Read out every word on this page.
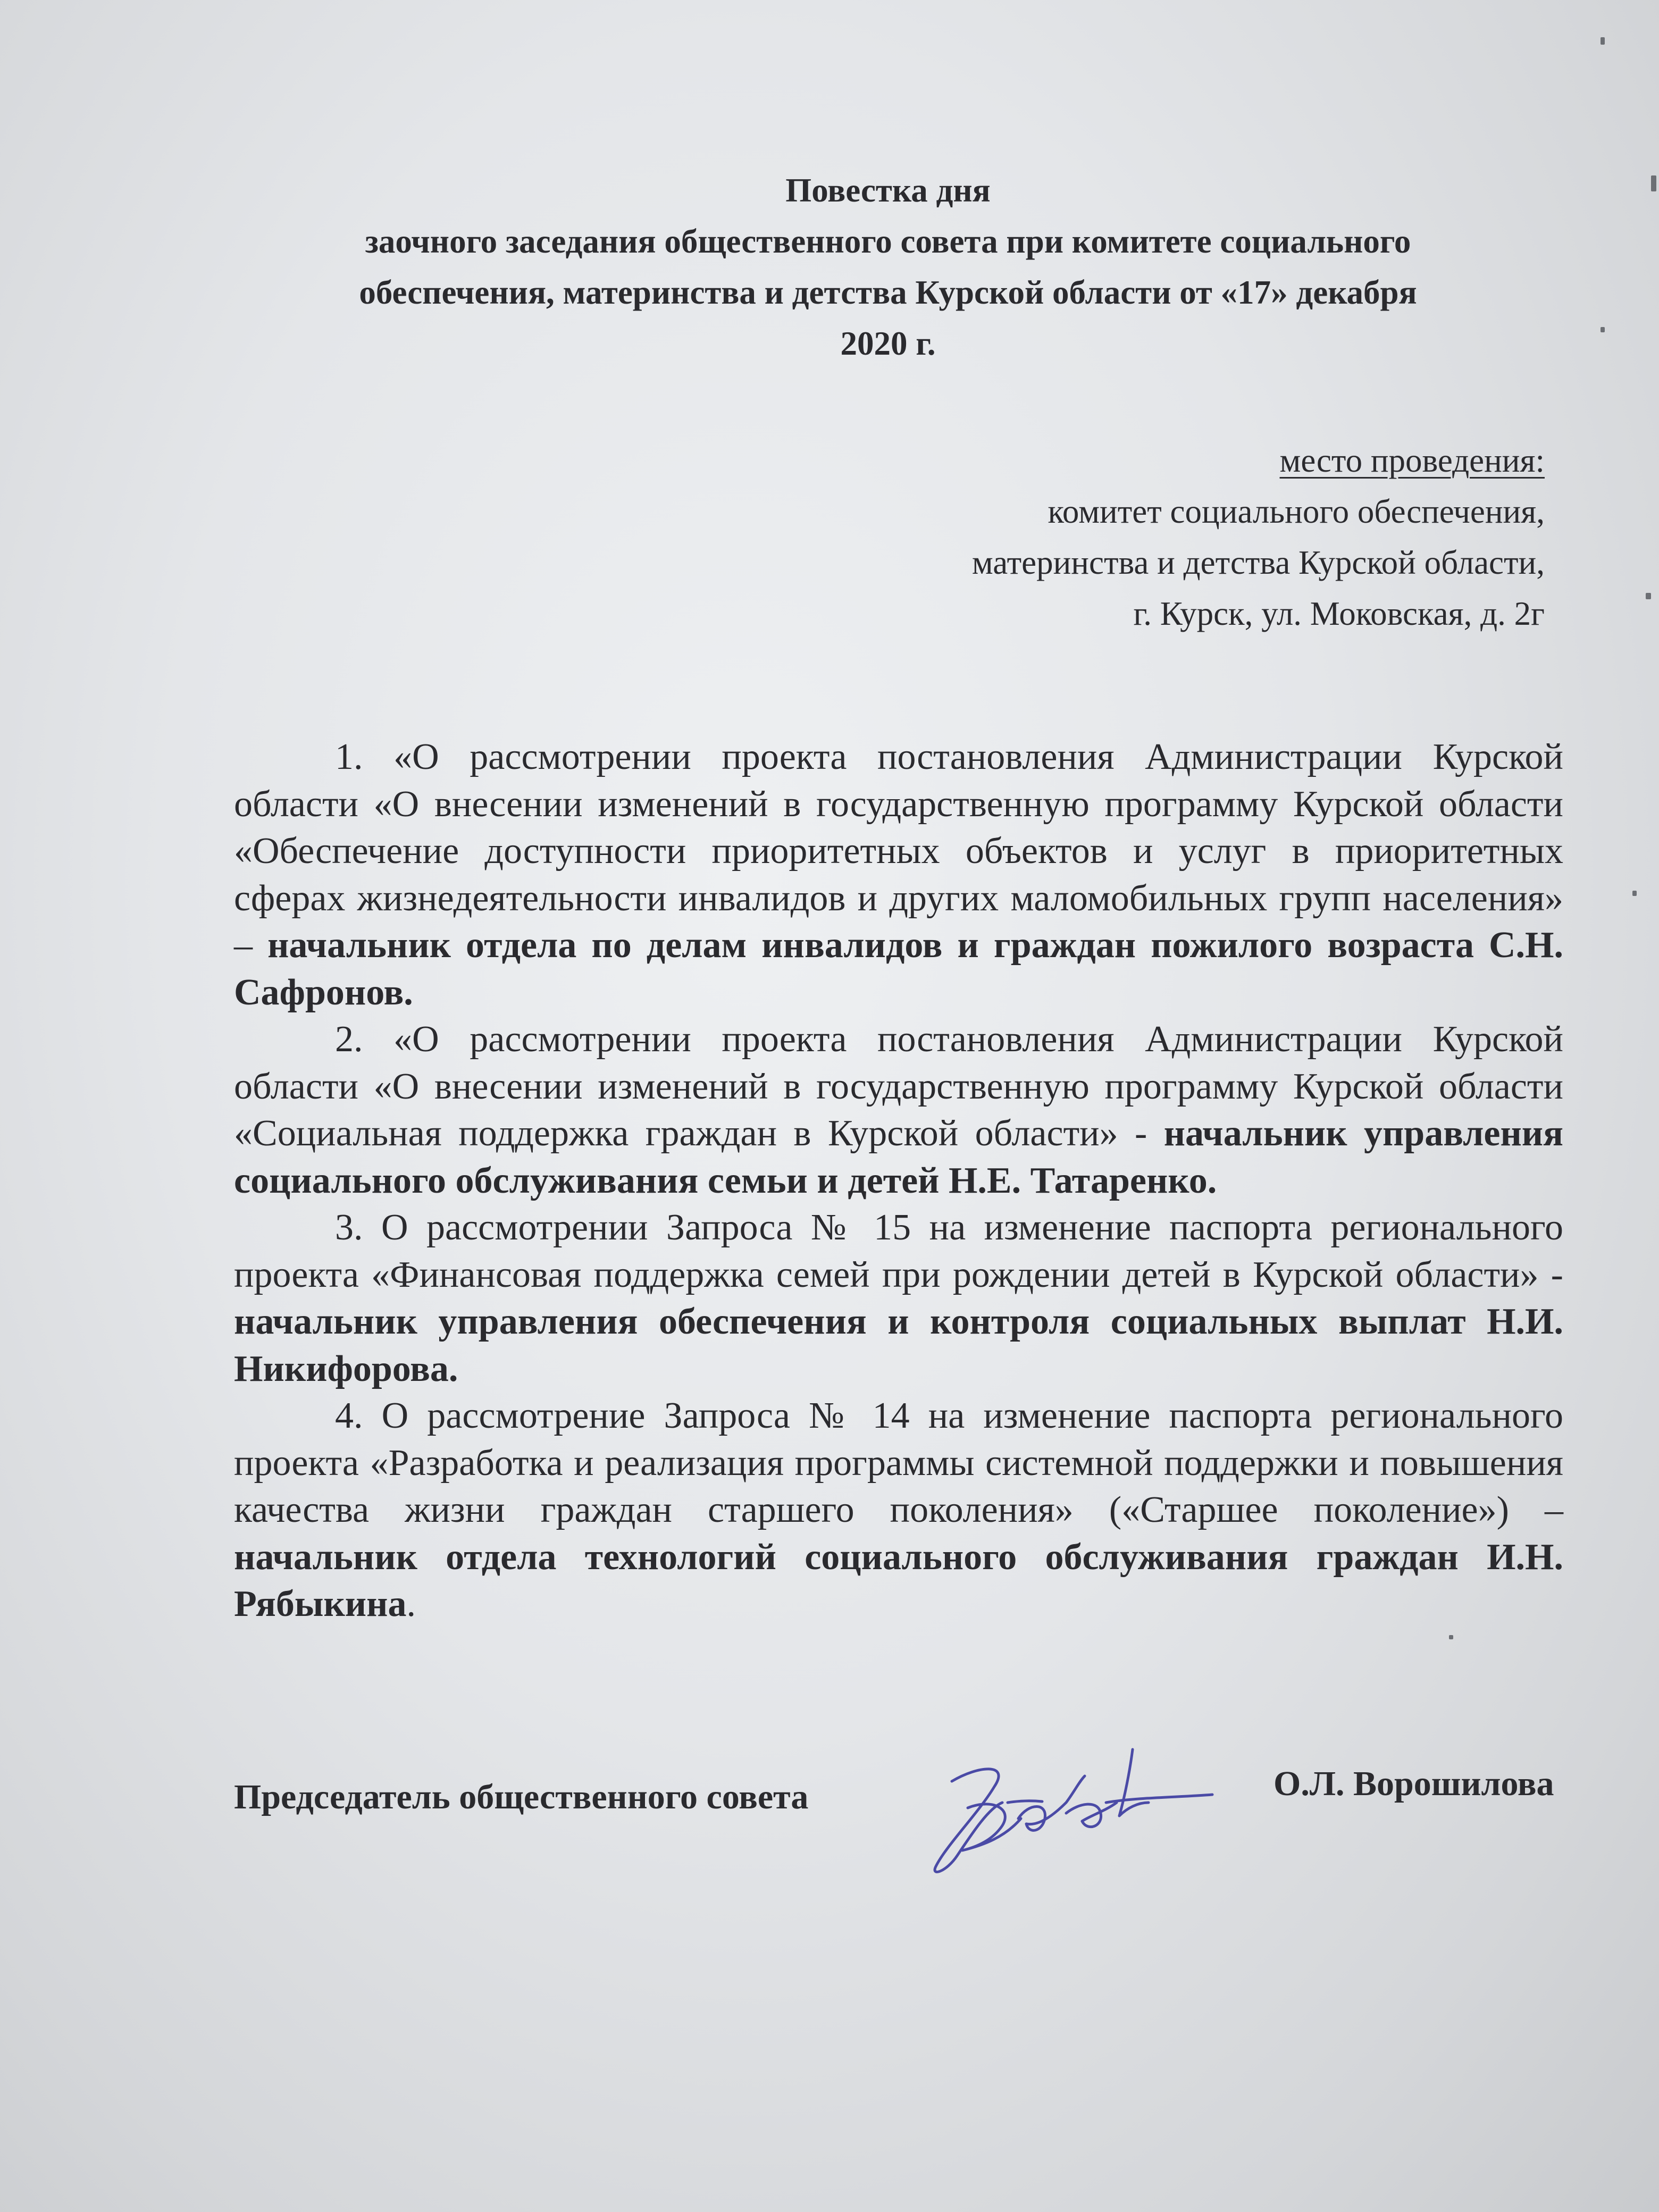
Повестка дня
заочного заседания общественного совета при комитете социального
обеспечения, материнства и детства Курской области от «17» декабря
2020 г.
место проведения:
комитет социального обеспечения,
материнства и детства Курской области,
г. Курск, ул. Моковская, д. 2г

1. «О рассмотрении проекта постановления Администрации Курской области «О внесении изменений в государственную программу Курской области «Обеспечение доступности приоритетных объектов и услуг в приоритетных сферах жизнедеятельности инвалидов и других маломобильных групп населения» – начальник отдела по делам инвалидов и граждан пожилого возраста С.Н. Сафронов.

2. «О рассмотрении проекта постановления Администрации Курской области «О внесении изменений в государственную программу Курской области «Социальная поддержка граждан в Курской области» - начальник управления социального обслуживания семьи и детей Н.Е. Татаренко.

3. О рассмотрении Запроса № 15 на изменение паспорта регионального проекта «Финансовая поддержка семей при рождении детей в Курской области» - начальник управления обеспечения и контроля социальных выплат Н.И. Никифорова.

4. О рассмотрение Запроса № 14 на изменение паспорта регионального проекта «Разработка и реализация программы системной поддержки и повышения качества жизни граждан старшего поколения» («Старшее поколение») – начальник отдела технологий социального обслуживания граждан И.Н. Рябыкина.

Председатель общественного совета	О.Л. Ворошилова
